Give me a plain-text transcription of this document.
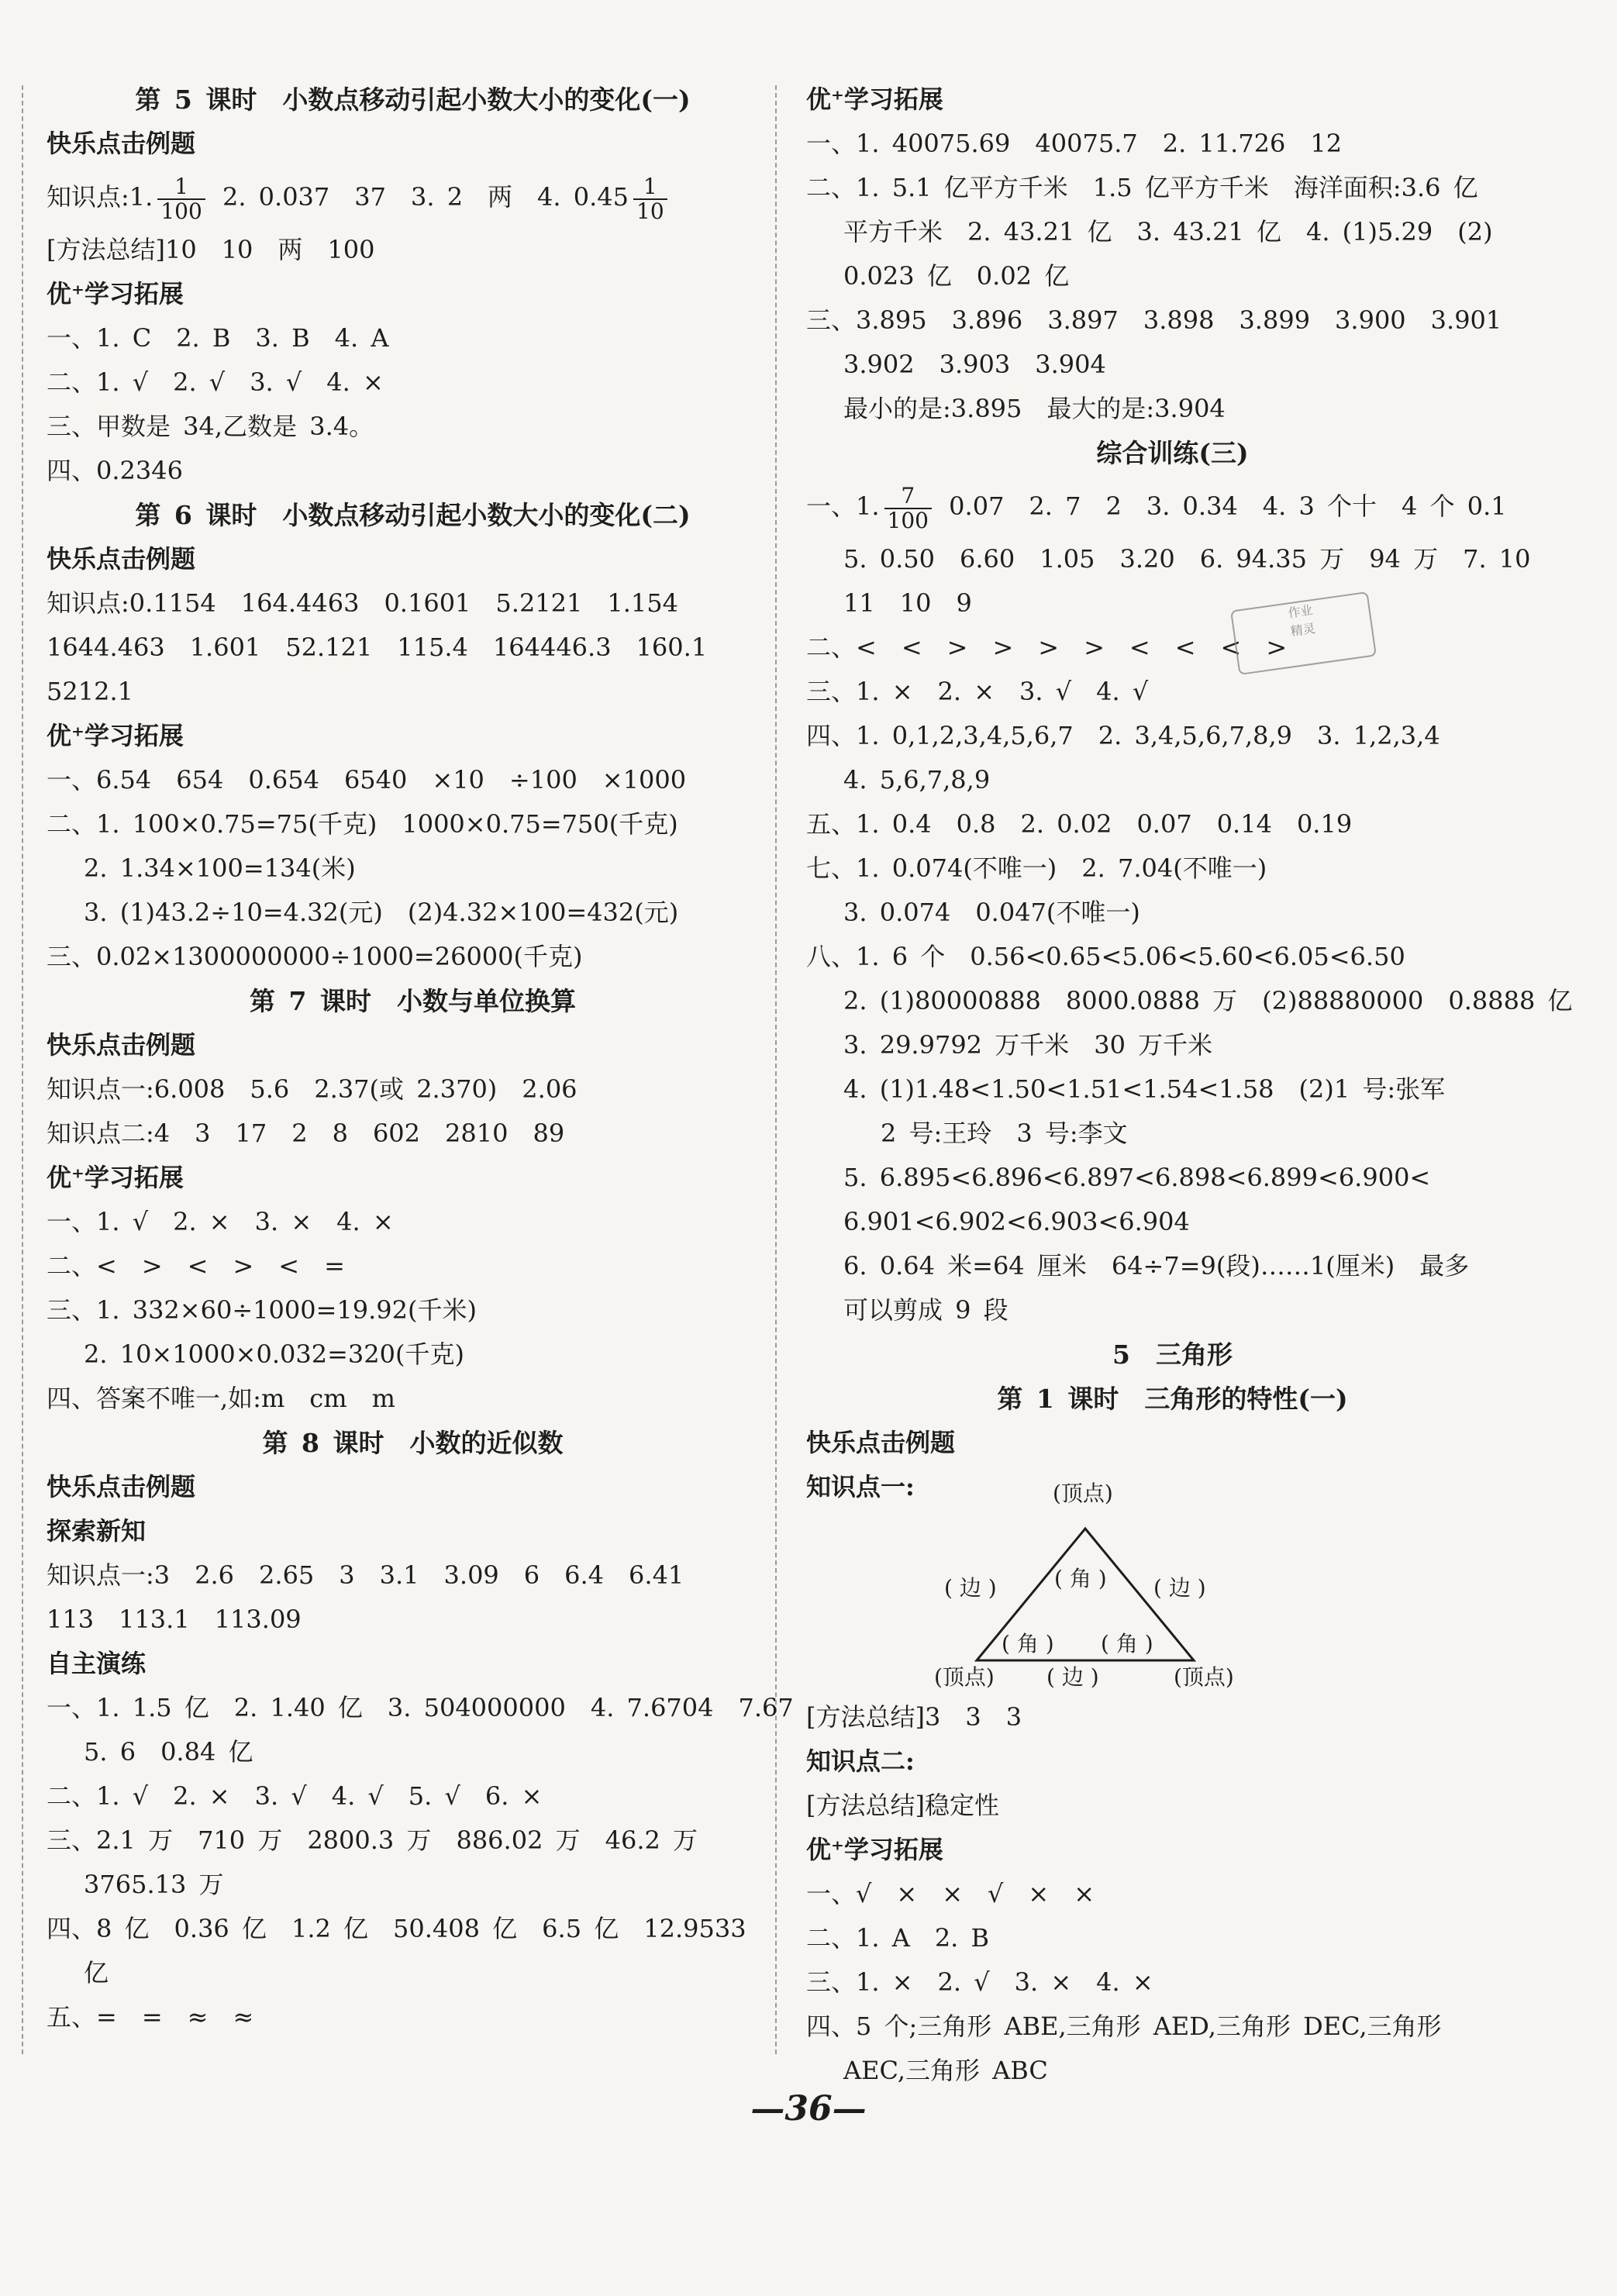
第 5 课时　小数点移动引起小数大小的变化(一)
快乐点击例题
知识点:1. $\frac{1}{100} 2$. 0.037　37　3. 2　两　4. $0.45 \frac{1}{10}$
[方法总结]10　10　两　100
优⁺学习拓展
一、1. C　2. B　3. B　4. A
二、1. √　2. √　3. √　4. ×
三、甲数是 34,乙数是 3.4。
四、0.2346
第 6 课时　小数点移动引起小数大小的变化(二)
快乐点击例题
知识点:0.1154　164.4463　0.1601　5.2121　1.154
1644.463　1.601　52.121　115.4　164446.3　160.1
5212.1
优⁺学习拓展
一、6.54　654　0.654　6540　×10　÷100　×1000
二、1. 100×0.75=75(千克)　1000×0.75=750(千克)
2. 1.34×100=134(米)
3. (1)43.2÷10=4.32(元)　(2)4.32×100=432(元)
三、0.02×1300000000÷1000=26000(千克)
第 7 课时　小数与单位换算
快乐点击例题
知识点一:6.008　5.6　2.37(或 2.370)　2.06
知识点二:4　3　17　2　8　602　2810　89
优⁺学习拓展
一、1. √　2. ×　3. ×　4. ×
二、<　>　<　>　<　=
三、1. 332×60÷1000=19.92(千米)
2. 10×1000×0.032=320(千克)
四、答案不唯一,如:m　cm　m
第 8 课时　小数的近似数
快乐点击例题
探索新知
知识点一:3　2.6　2.65　3　3.1　3.09　6　6.4　6.41
113　113.1　113.09
自主演练
一、1. 1.5 亿　2. 1.40 亿　3. 504000000　4. 7.6704　7.67
5. 6　0.84 亿
二、1. √　2. ×　3. √　4. √　5. √　6. ×
三、2.1 万　710 万　2800.3 万　886.02 万　46.2 万
3765.13 万
四、8 亿　0.36 亿　1.2 亿　50.408 亿　6.5 亿　12.9533
亿
五、=　=　≈　≈
优⁺学习拓展
一、1. 40075.69　40075.7　2. 11.726　12
二、1. 5.1 亿平方千米　1.5 亿平方千米　海洋面积:3.6 亿
平方千米　2. 43.21 亿　3. 43.21 亿　4. (1)5.29　(2)
0.023 亿　0.02 亿
三、3.895　3.896　3.897　3.898　3.899　3.900　3.901
3.902　3.903　3.904
最小的是:3.895　最大的是:3.904
综合训练(三)
一、1. $\frac{7}{100} 0.07$　2. 7　2　3. 0.34　4. 3 个十　4 个 0.1
5. 0.50　6.60　1.05　3.20　6. 94.35 万　94 万　7. 10
11　10　9
二、<　<　>　>　>　>　<　<　<　>
三、1. ×　2. ×　3. √　4. √
四、1. 0,1,2,3,4,5,6,7　2. 3,4,5,6,7,8,9　3. 1,2,3,4
4. 5,6,7,8,9
五、1. 0.4　0.8　2. 0.02　0.07　0.14　0.19
七、1. 0.074(不唯一)　2. 7.04(不唯一)
3. 0.074　0.047(不唯一)
八、1. 6 个　0.56<0.65<5.06<5.60<6.05<6.50
2. (1)80000888　8000.0888 万　(2)88880000　0.8888 亿
3. 29.9792 万千米　30 万千米
4. (1)1.48<1.50<1.51<1.54<1.58　(2)1 号:张军
2 号:王玲　3 号:李文
5. 6.895<6.896<6.897<6.898<6.899<6.900<
6.901<6.902<6.903<6.904
6. 0.64 米=64 厘米　64÷7=9(段)……1(厘米)　最多
可以剪成 9 段
5　三角形
第 1 课时　三角形的特性(一)
快乐点击例题
知识点一:	(顶点)
( 边 )	( 角 ) ( 边 )
( 角 ) ( 角 )
(顶点) ( 边 )	(顶点)
[方法总结]3　3　3
知识点二:
[方法总结]稳定性
优⁺学习拓展
一、√　×　×　√　×　×
二、1. A　2. B
三、1. ×　2. √　3. ×　4. ×
四、5 个;三角形 ABE,三角形 AED,三角形 DEC,三角形
AEC,三角形 ABC
作业
精灵
—36—
